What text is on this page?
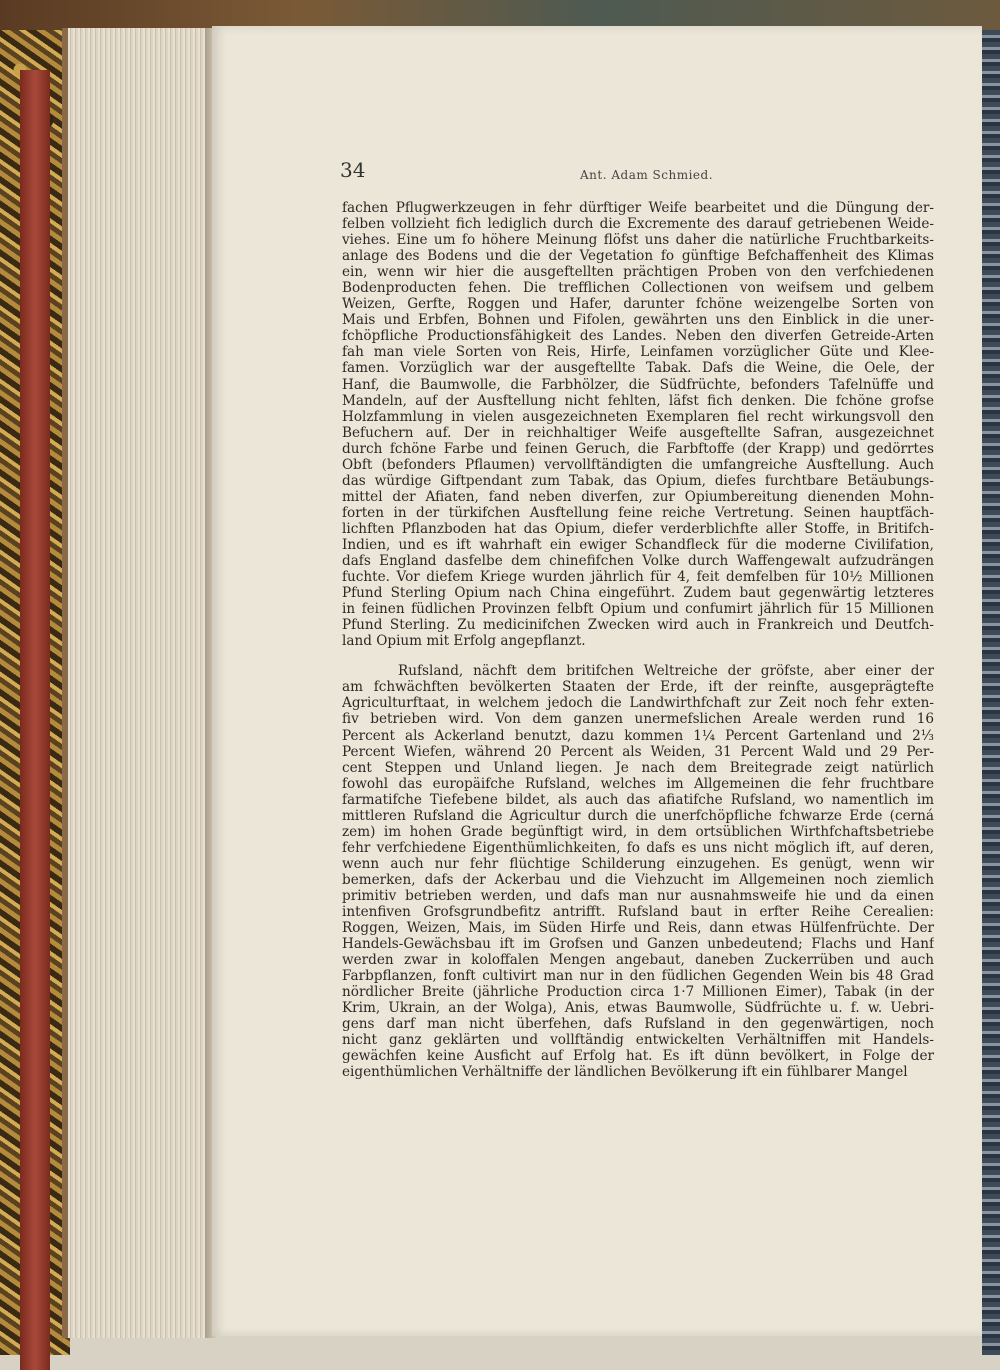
34	Ant. Adam Schmied.
fachen Pflugwerkzeugen in fehr dürftiger Weife bearbeitet und die Düngung der-
felben vollzieht fich lediglich durch die Excremente des darauf getriebenen Weide-
viehes. Eine um fo höhere Meinung flöfst uns daher die natürliche Fruchtbarkeits-
anlage des Bodens und die der Vegetation fo günftige Befchaffenheit des Klimas
ein, wenn wir hier die ausgeftellten prächtigen Proben von den verfchiedenen
Bodenproducten fehen. Die trefflichen Collectionen von weifsem und gelbem
Weizen, Gerfte, Roggen und Hafer, darunter fchöne weizengelbe Sorten von
Mais und Erbfen, Bohnen und Fifolen, gewährten uns den Einblick in die uner-
fchöpfliche Productionsfähigkeit des Landes. Neben den diverfen Getreide-Arten
fah man viele Sorten von Reis, Hirfe, Leinfamen vorzüglicher Güte und Klee-
famen. Vorzüglich war der ausgeftellte Tabak. Dafs die Weine, die Oele, der
Hanf, die Baumwolle, die Farbhölzer, die Südfrüchte, befonders Tafelnüffe und
Mandeln, auf der Ausftellung nicht fehlten, läfst fich denken. Die fchöne grofse
Holzfammlung in vielen ausgezeichneten Exemplaren fiel recht wirkungsvoll den
Befuchern auf. Der in reichhaltiger Weife ausgeftellte Safran, ausgezeichnet
durch fchöne Farbe und feinen Geruch, die Farbftoffe (der Krapp) und gedörrtes
Obft (befonders Pflaumen) vervollftändigten die umfangreiche Ausftellung. Auch
das würdige Giftpendant zum Tabak, das Opium, diefes furchtbare Betäubungs-
mittel der Afiaten, fand neben diverfen, zur Opiumbereitung dienenden Mohn-
forten in der türkifchen Ausftellung feine reiche Vertretung. Seinen hauptfäch-
lichften Pflanzboden hat das Opium, diefer verderblichfte aller Stoffe, in Britifch-
Indien, und es ift wahrhaft ein ewiger Schandfleck für die moderne Civilifation,
dafs England dasfelbe dem chinefifchen Volke durch Waffengewalt aufzudrängen
fuchte. Vor diefem Kriege wurden jährlich für 4, feit demfelben für 10½ Millionen
Pfund Sterling Opium nach China eingeführt. Zudem baut gegenwärtig letzteres
in feinen füdlichen Provinzen felbft Opium und confumirt jährlich für 15 Millionen
Pfund Sterling. Zu medicinifchen Zwecken wird auch in Frankreich und Deutfch-
land Opium mit Erfolg angepflanzt.
Rufsland, nächft dem britifchen Weltreiche der gröfste, aber einer der
am fchwächften bevölkerten Staaten der Erde, ift der reinfte, ausgeprägtefte
Agriculturftaat, in welchem jedoch die Landwirthfchaft zur Zeit noch fehr exten-
fiv betrieben wird. Von dem ganzen unermefslichen Areale werden rund 16
Percent als Ackerland benutzt, dazu kommen 1¼ Percent Gartenland und 2⅓
Percent Wiefen, während 20 Percent als Weiden, 31 Percent Wald und 29 Per-
cent Steppen und Unland liegen. Je nach dem Breitegrade zeigt natürlich
fowohl das europäifche Rufsland, welches im Allgemeinen die fehr fruchtbare
farmatifche Tiefebene bildet, als auch das afiatifche Rufsland, wo namentlich im
mittleren Rufsland die Agricultur durch die unerfchöpfliche fchwarze Erde (cerná
zem) im hohen Grade begünftigt wird, in dem ortsüblichen Wirthfchaftsbetriebe
fehr verfchiedene Eigenthümlichkeiten, fo dafs es uns nicht möglich ift, auf deren,
wenn auch nur fehr flüchtige Schilderung einzugehen. Es genügt, wenn wir
bemerken, dafs der Ackerbau und die Viehzucht im Allgemeinen noch ziemlich
primitiv betrieben werden, und dafs man nur ausnahmsweife hie und da einen
intenfiven Grofsgrundbefitz antrifft. Rufsland baut in erfter Reihe Cerealien:
Roggen, Weizen, Mais, im Süden Hirfe und Reis, dann etwas Hülfenfrüchte. Der
Handels-Gewächsbau ift im Grofsen und Ganzen unbedeutend; Flachs und Hanf
werden zwar in koloffalen Mengen angebaut, daneben Zuckerrüben und auch
Farbpflanzen, fonft cultivirt man nur in den füdlichen Gegenden Wein bis 48 Grad
nördlicher Breite (jährliche Production circa 1·7 Millionen Eimer), Tabak (in der
Krim, Ukrain, an der Wolga), Anis, etwas Baumwolle, Südfrüchte u. f. w. Uebri-
gens darf man nicht überfehen, dafs Rufsland in den gegenwärtigen, noch
nicht ganz geklärten und vollftändig entwickelten Verhältniffen mit Handels-
gewächfen keine Ausficht auf Erfolg hat. Es ift dünn bevölkert, in Folge der
eigenthümlichen Verhältniffe der ländlichen Bevölkerung ift ein fühlbarer Mangel
